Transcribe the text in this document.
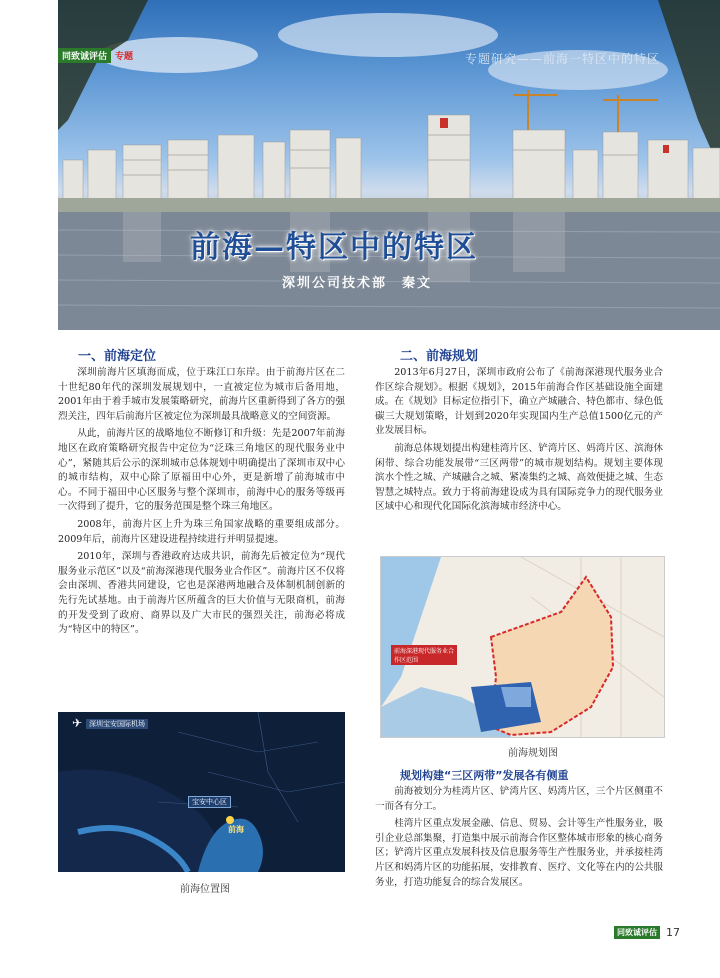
同致诚评估 专题	专题研究——前海一特区中的特区
前海—特区中的特区
深圳公司技术部　秦文
一、前海定位

深圳前海片区填海而成，位于珠江口东岸。由于前海片区在二十世纪80年代的深圳发展规划中，一直被定位为城市后备用地，2001年由于着手城市发展策略研究，前海片区重新得到了各方的强烈关注，四年后前海片区被定位为深圳最具战略意义的空间资源。

从此，前海片区的战略地位不断修订和升级：先是2007年前海地区在政府策略研究报告中定位为“泛珠三角地区的现代服务业中心”，紧随其后公示的深圳城市总体规划中明确提出了深圳市双中心的城市结构，双中心除了原福田中心外，更是新增了前海城市中心。不同于福田中心区服务与整个深圳市，前海中心的服务等级再一次得到了提升，它的服务范围是整个珠三角地区。

2008年，前海片区上升为珠三角国家战略的重要组成部分。2009年后，前海片区建设进程持续进行并明显提速。

2010年，深圳与香港政府达成共识，前海先后被定位为“现代服务业示范区”以及“前海深港现代服务业合作区”。前海片区不仅将会由深圳、香港共同建设，它也是深港两地融合及体制机制创新的先行先试基地。由于前海片区所蕴含的巨大价值与无限商机，前海的开发受到了政府、商界以及广大市民的强烈关注，前海必将成为“特区中的特区”。

✈ 深圳宝安国际机场
宝安中心区
前海
前海位置图
二、前海规划

2013年6月27日，深圳市政府公布了《前海深港现代服务业合作区综合规划》。根据《规划》，2015年前海合作区基础设施全面建成。在《规划》目标定位指引下，确立产城融合、特色都市、绿色低碳三大规划策略，计划到2020年实现国内生产总值1500亿元的产业发展目标。

前海总体规划提出构建桂湾片区、铲湾片区、妈湾片区、滨海休闲带、综合功能发展带“三区两带”的城市规划结构。规划主要体现滨水个性之城、产城融合之城、紧凑集约之城、高效便捷之城、生态智慧之城特点。致力于将前海建设成为具有国际竞争力的现代服务业区域中心和现代化国际化滨海城市经济中心。

前海深港现代服务业合作区范围
前海规划图
规划构建“三区两带”发展各有侧重

前海被划分为桂湾片区、铲湾片区、妈湾片区，三个片区侧重不一而各有分工。

桂湾片区重点发展金融、信息、贸易、会计等生产性服务业，吸引企业总部集聚，打造集中展示前海合作区整体城市形象的核心商务区；铲湾片区重点发展科技及信息服务等生产性服务业，并承接桂湾片区和妈湾片区的功能拓展，安排教育、医疗、文化等在内的公共服务业，打造功能复合的综合发展区。

同致诚评估 17
